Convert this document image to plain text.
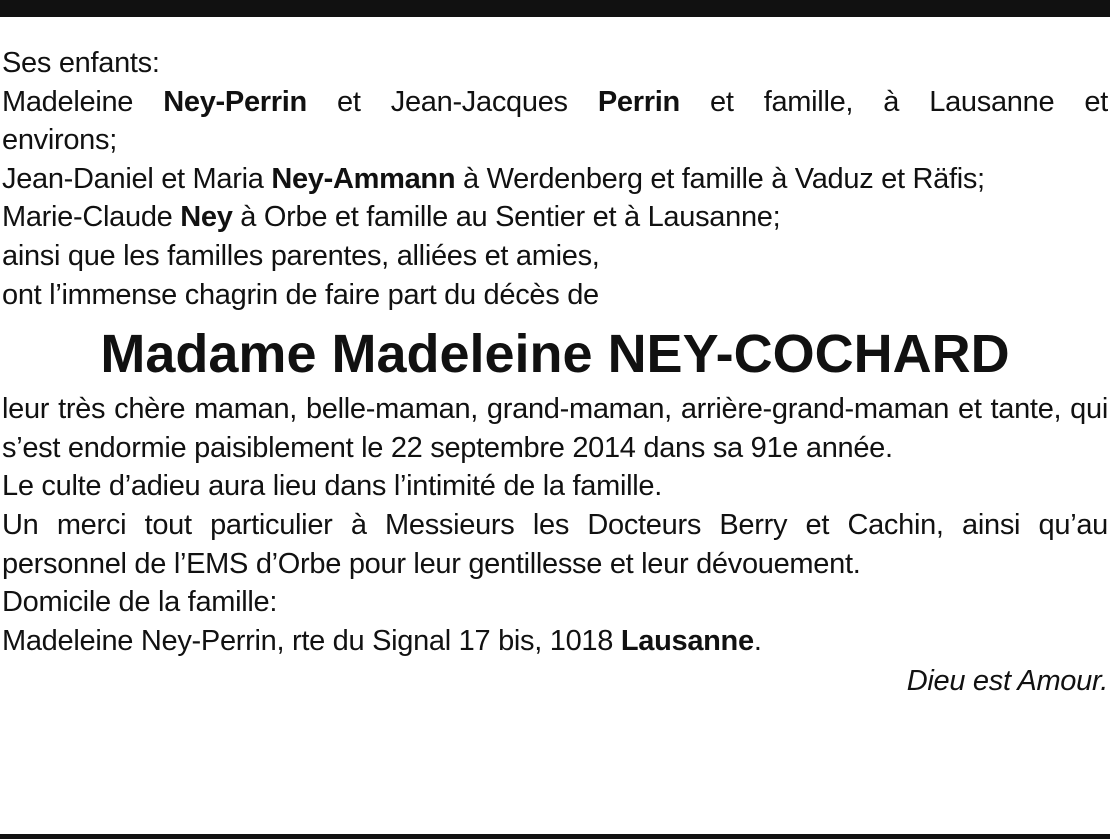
Ses enfants:
Madeleine Ney-Perrin et Jean-Jacques Perrin et famille, à Lausanne et
environs;
Jean-Daniel et Maria Ney-Ammann à Werdenberg et famille à Vaduz et Räfis;
Marie-Claude Ney à Orbe et famille au Sentier et à Lausanne;
ainsi que les familles parentes, alliées et amies,
ont l’immense chagrin de faire part du décès de
Madame Madeleine NEY-COCHARD
leur très chère maman, belle-maman, grand-maman, arrière-grand-maman et tante, qui s’est endormie paisiblement le 22 septembre 2014 dans sa 91e année.
Le culte d’adieu aura lieu dans l’intimité de la famille.
Un merci tout particulier à Messieurs les Docteurs Berry et Cachin, ainsi qu’au personnel de l’EMS d’Orbe pour leur gentillesse et leur dévouement.
Domicile de la famille:
Madeleine Ney-Perrin, rte du Signal 17 bis, 1018 Lausanne.
Dieu est Amour.
